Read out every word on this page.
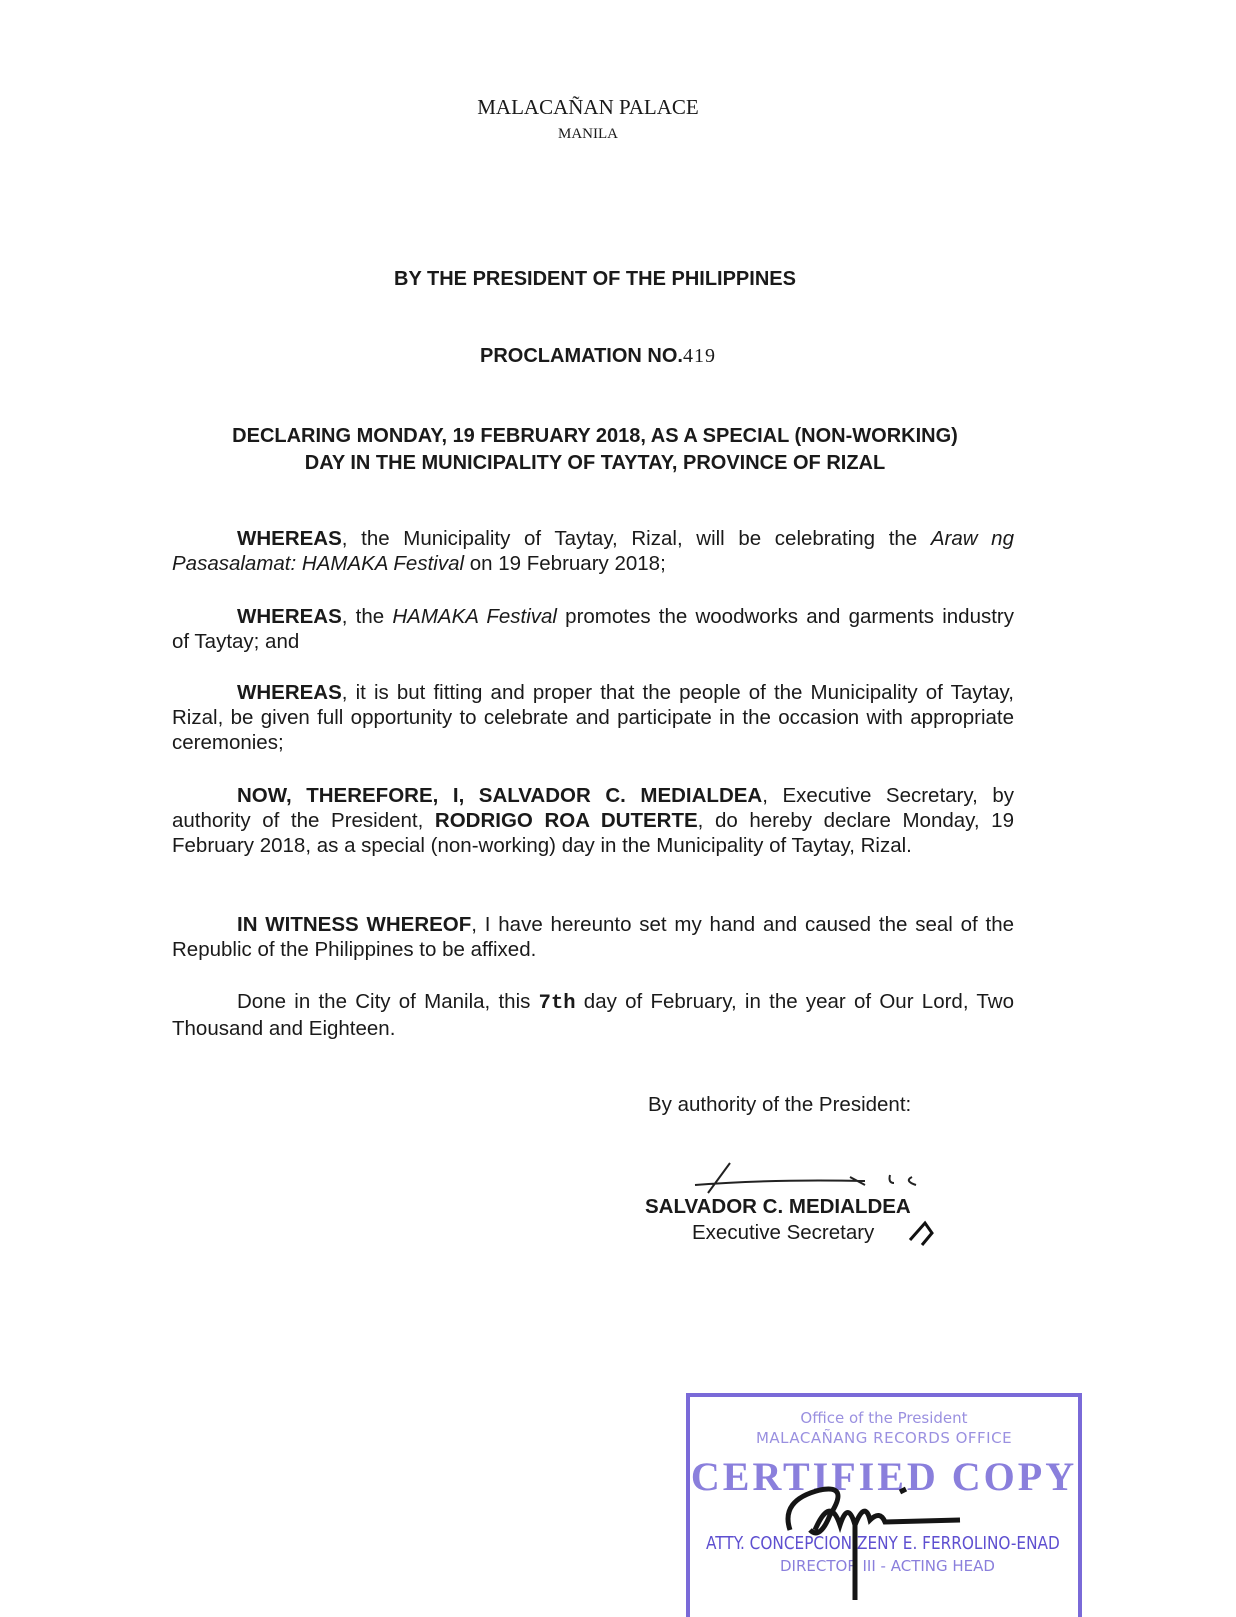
MALACAÑAN PALACE
MANILA
BY THE PRESIDENT OF THE PHILIPPINES
PROCLAMATION NO.419
DECLARING MONDAY, 19 FEBRUARY 2018, AS A SPECIAL (NON-WORKING)
DAY IN THE MUNICIPALITY OF TAYTAY, PROVINCE OF RIZAL
WHEREAS, the Municipality of Taytay, Rizal, will be celebrating the Araw ng Pasasalamat: HAMAKA Festival on 19 February 2018;
WHEREAS, the HAMAKA Festival promotes the woodworks and garments industry of Taytay; and
WHEREAS, it is but fitting and proper that the people of the Municipality of Taytay, Rizal, be given full opportunity to celebrate and participate in the occasion with appropriate ceremonies;
NOW, THEREFORE, I, SALVADOR C. MEDIALDEA, Executive Secretary, by authority of the President, RODRIGO ROA DUTERTE, do hereby declare Monday, 19 February 2018, as a special (non-working) day in the Municipality of Taytay, Rizal.
IN WITNESS WHEREOF, I have hereunto set my hand and caused the seal of the Republic of the Philippines to be affixed.
Done in the City of Manila, this 7th day of February, in the year of Our Lord, Two Thousand and Eighteen.
By authority of the President:
SALVADOR C. MEDIALDEA
Executive Secretary
Office of the President
MALACAÑANG RECORDS OFFICE
CERTIFIED COPY
ATTY. CONCEPCION ZENY E. FERROLINO-ENAD
DIRECTOR III - ACTING HEAD
